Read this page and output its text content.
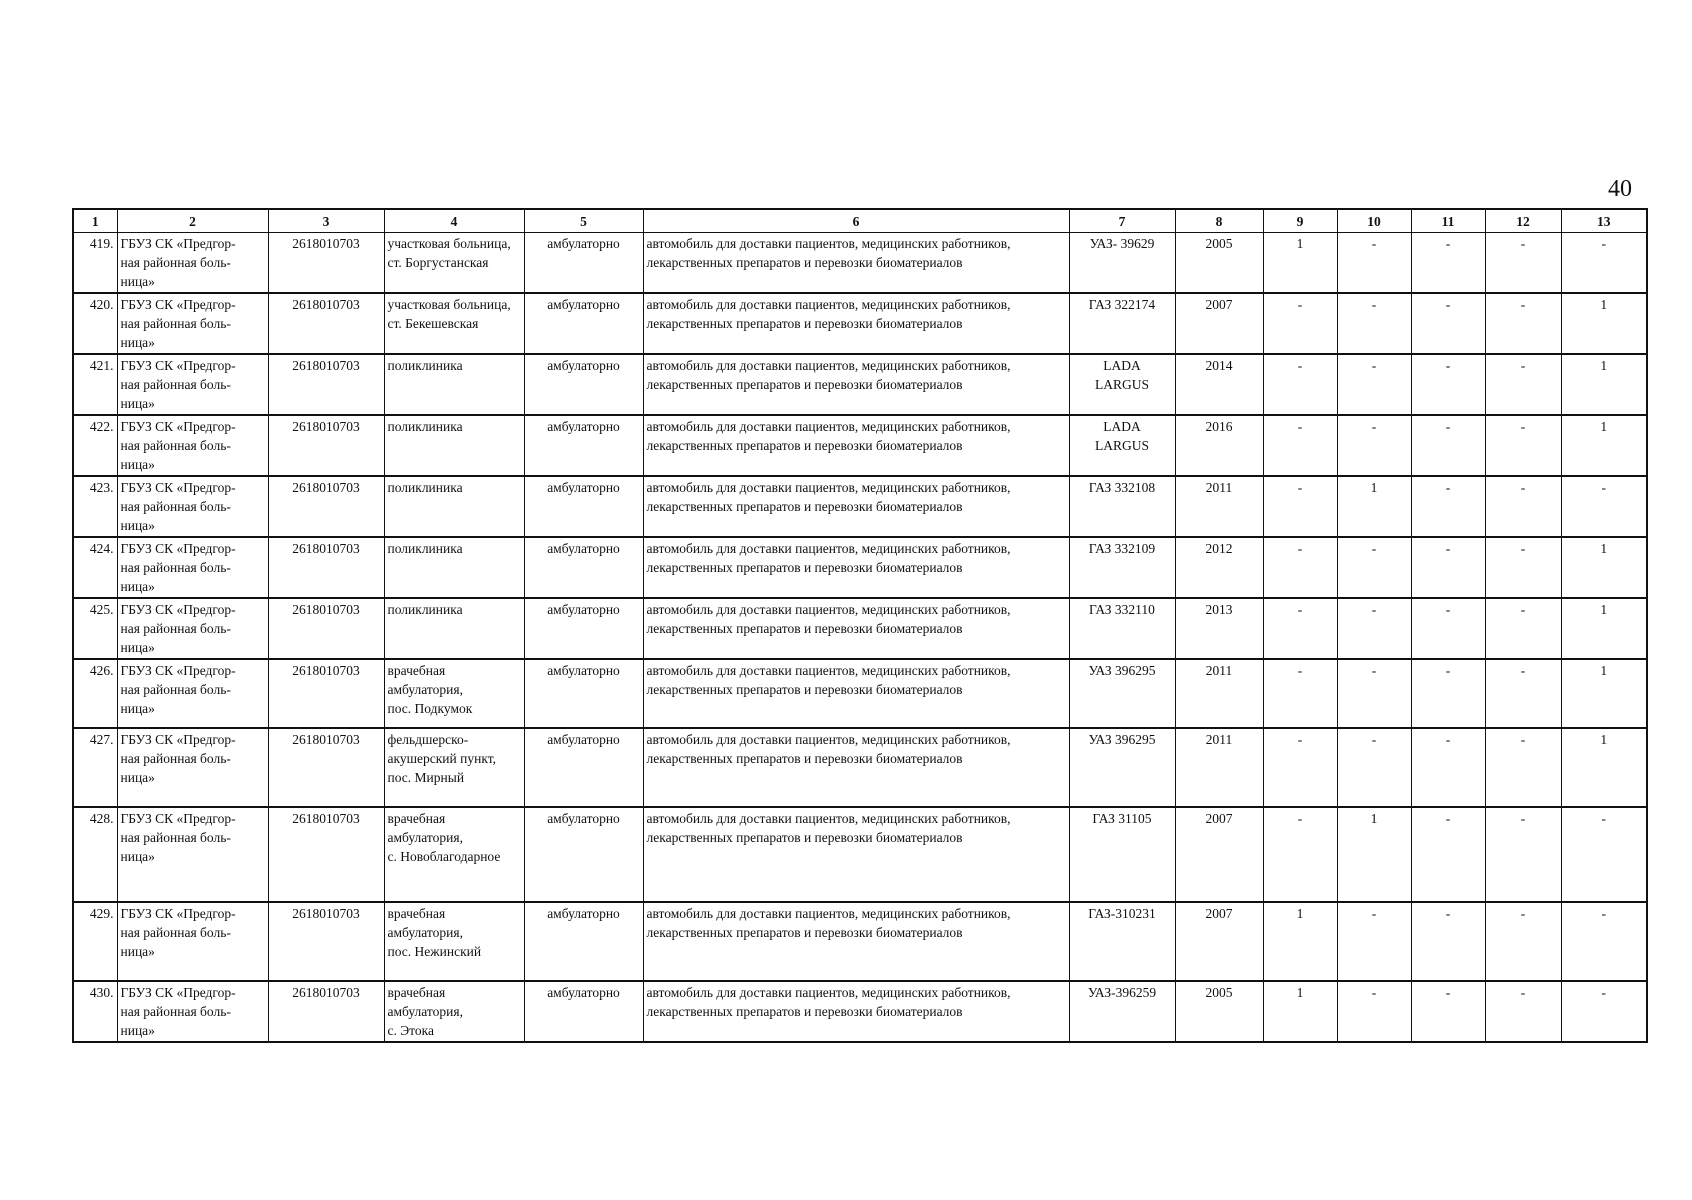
40
1	2	3	4	5	6	7	8	9	10	11	12	13
419.	ГБУЗ СК «Предгор-
ная районная боль-
ница»	2618010703	участковая больница,
ст. Боргустанская	амбулаторно	автомобиль для доставки пациентов, медицинских работников,
лекарственных препаратов и перевозки биоматериалов	УАЗ- 39629	2005	1	-	-	-	-
420.	ГБУЗ СК «Предгор-
ная районная боль-
ница»	2618010703	участковая больница,
ст. Бекешевская	амбулаторно	автомобиль для доставки пациентов, медицинских работников,
лекарственных препаратов и перевозки биоматериалов	ГАЗ 322174	2007	-	-	-	-	1
421.	ГБУЗ СК «Предгор-
ная районная боль-
ница»	2618010703	поликлиника	амбулаторно	автомобиль для доставки пациентов, медицинских работников,
лекарственных препаратов и перевозки биоматериалов	LADA
LARGUS	2014	-	-	-	-	1
422.	ГБУЗ СК «Предгор-
ная районная боль-
ница»	2618010703	поликлиника	амбулаторно	автомобиль для доставки пациентов, медицинских работников,
лекарственных препаратов и перевозки биоматериалов	LADA
LARGUS	2016	-	-	-	-	1
423.	ГБУЗ СК «Предгор-
ная районная боль-
ница»	2618010703	поликлиника	амбулаторно	автомобиль для доставки пациентов, медицинских работников,
лекарственных препаратов и перевозки биоматериалов	ГАЗ 332108	2011	-	1	-	-	-
424.	ГБУЗ СК «Предгор-
ная районная боль-
ница»	2618010703	поликлиника	амбулаторно	автомобиль для доставки пациентов, медицинских работников,
лекарственных препаратов и перевозки биоматериалов	ГАЗ 332109	2012	-	-	-	-	1
425.	ГБУЗ СК «Предгор-
ная районная боль-
ница»	2618010703	поликлиника	амбулаторно	автомобиль для доставки пациентов, медицинских работников,
лекарственных препаратов и перевозки биоматериалов	ГАЗ 332110	2013	-	-	-	-	1
426.	ГБУЗ СК «Предгор-
ная районная боль-
ница»	2618010703	врачебная
амбулатория,
пос. Подкумок	амбулаторно	автомобиль для доставки пациентов, медицинских работников,
лекарственных препаратов и перевозки биоматериалов	УАЗ 396295	2011	-	-	-	-	1
427.	ГБУЗ СК «Предгор-
ная районная боль-
ница»	2618010703	фельдшерско-
акушерский пункт,
пос. Мирный	амбулаторно	автомобиль для доставки пациентов, медицинских работников,
лекарственных препаратов и перевозки биоматериалов	УАЗ 396295	2011	-	-	-	-	1
428.	ГБУЗ СК «Предгор-
ная районная боль-
ница»	2618010703	врачебная
амбулатория,
с. Новоблагодарное	амбулаторно	автомобиль для доставки пациентов, медицинских работников,
лекарственных препаратов и перевозки биоматериалов	ГАЗ 31105	2007	-	1	-	-	-
429.	ГБУЗ СК «Предгор-
ная районная боль-
ница»	2618010703	врачебная
амбулатория,
пос. Нежинский	амбулаторно	автомобиль для доставки пациентов, медицинских работников,
лекарственных препаратов и перевозки биоматериалов	ГАЗ-310231	2007	1	-	-	-	-
430.	ГБУЗ СК «Предгор-
ная районная боль-
ница»	2618010703	врачебная
амбулатория,
с. Этока	амбулаторно	автомобиль для доставки пациентов, медицинских работников,
лекарственных препаратов и перевозки биоматериалов	УАЗ-396259	2005	1	-	-	-	-
